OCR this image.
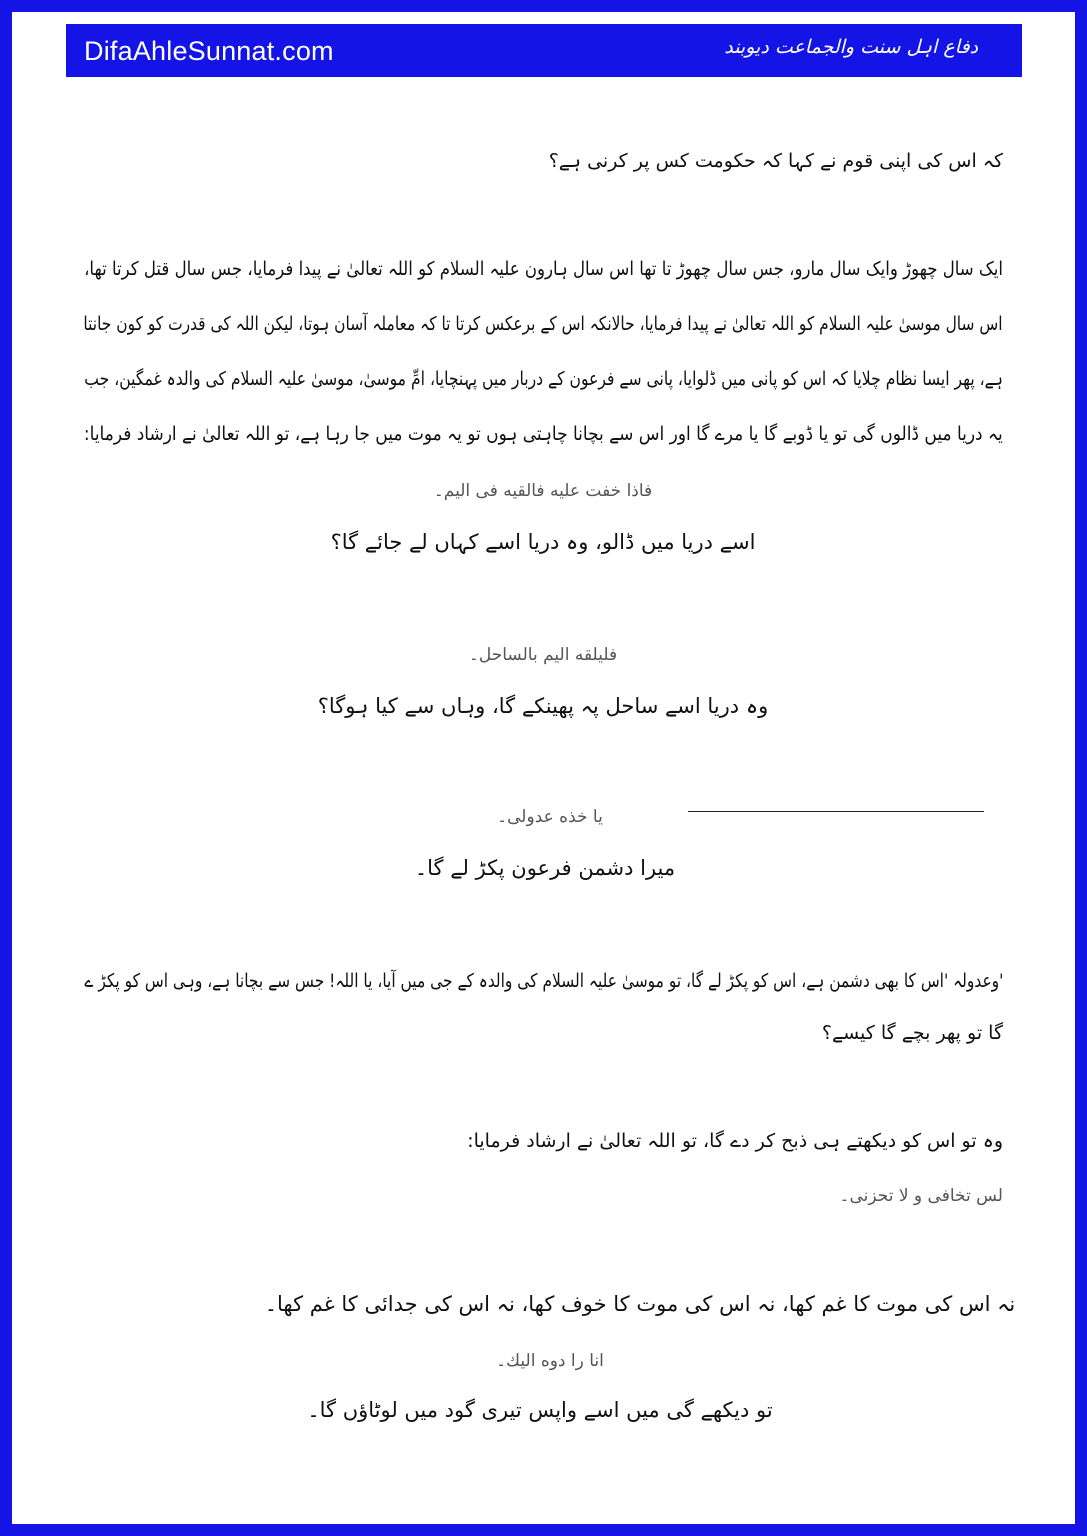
DifaAhleSunnat.com	دفاع اہل سنت والجماعت دیوبند
کہ اس کی اپنی قوم نے کہا کہ حکومت کس پر کرنی ہے؟
ایک سال چھوڑ وایک سال مارو، جس سال چھوڑ تا تھا اس سال ہارون علیہ السلام کو اللہ تعالیٰ نے پیدا فرمایا، جس سال قتل کرتا تھا،
اس سال موسیٰ علیہ السلام کو اللہ تعالیٰ نے پیدا فرمایا، حالانکہ اس کے برعکس کرتا تا کہ معاملہ آسان ہوتا، لیکن اللہ کی قدرت کو کون جانتا
ہے، پھر ایسا نظام چلایا کہ اس کو پانی میں ڈلوایا، پانی سے فرعون کے دربار میں پہنچایا، امِّ موسیٰ، موسیٰ علیہ السلام کی والدہ غمگین، جب
یہ دریا میں ڈالوں گی تو یا ڈوبے گا یا مرے گا اور اس سے بچانا چاہتی ہوں تو یہ موت میں جا رہا ہے، تو اللہ تعالیٰ نے ارشاد فرمایا:
فاذا خفت علیه فالقیه فی الیم۔
اسے دریا میں ڈالو، وہ دریا اسے کہاں لے جائے گا؟
فلیلقه الیم بالساحل۔
وہ دریا اسے ساحل پہ پھینکے گا، وہاں سے کیا ہوگا؟
یا خذه عدولی۔
میرا دشمن فرعون پکڑ لے گا۔
'وعدولہ 'اس کا بھی دشمن ہے، اس کو پکڑ لے گا، تو موسیٰ علیہ السلام کی والدہ کے جی میں آیا، یا اللہ! جس سے بچانا ہے، وہی اس کو پکڑ ے
گا تو پھر بچے گا کیسے؟
وہ تو اس کو دیکھتے ہی ذبح کر دے گا، تو اللہ تعالیٰ نے ارشاد فرمایا:
لس تخافی و لا تحزنی۔
نہ اس کی موت کا غم کھا، نہ اس کی موت کا خوف کھا، نہ اس کی جدائی کا غم کھا۔
انا را دوه الیك۔
تو دیکھے گی میں اسے واپس تیری گود میں لوٹاؤں گا۔
